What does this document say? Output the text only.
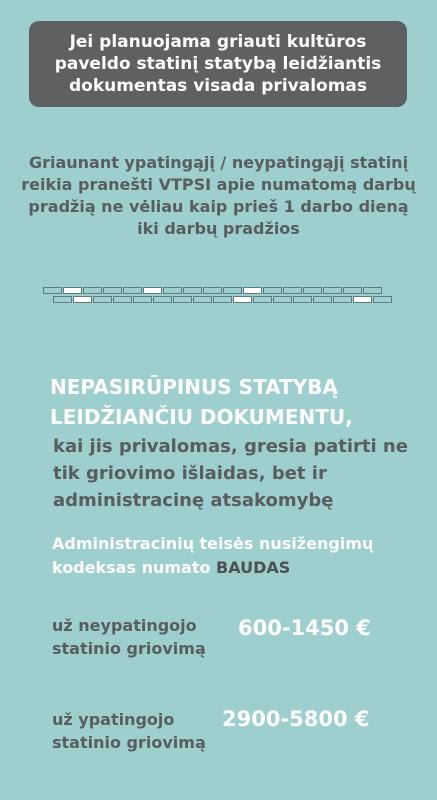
Jei planuojama griauti kultūros paveldo statinį statybą leidžiantis dokumentas visada privalomas
Griaunant ypatingąjį / neypatingąjį statinį reikia pranešti VTPSI apie numatomą darbų pradžią ne vėliau kaip prieš 1 darbo dieną iki darbų pradžios
NEPASIRŪPINUS STATYBĄ
LEIDŽIANČIU DOKUMENTU,
kai jis privalomas, gresia patirti ne tik griovimo išlaidas, bet ir administracinę atsakomybę
Administracinių teisės nusižengimų kodeksas numato BAUDAS
už neypatingojo
statinio griovimą
600-1450 €
už ypatingojo
statinio griovimą
2900-5800 €
